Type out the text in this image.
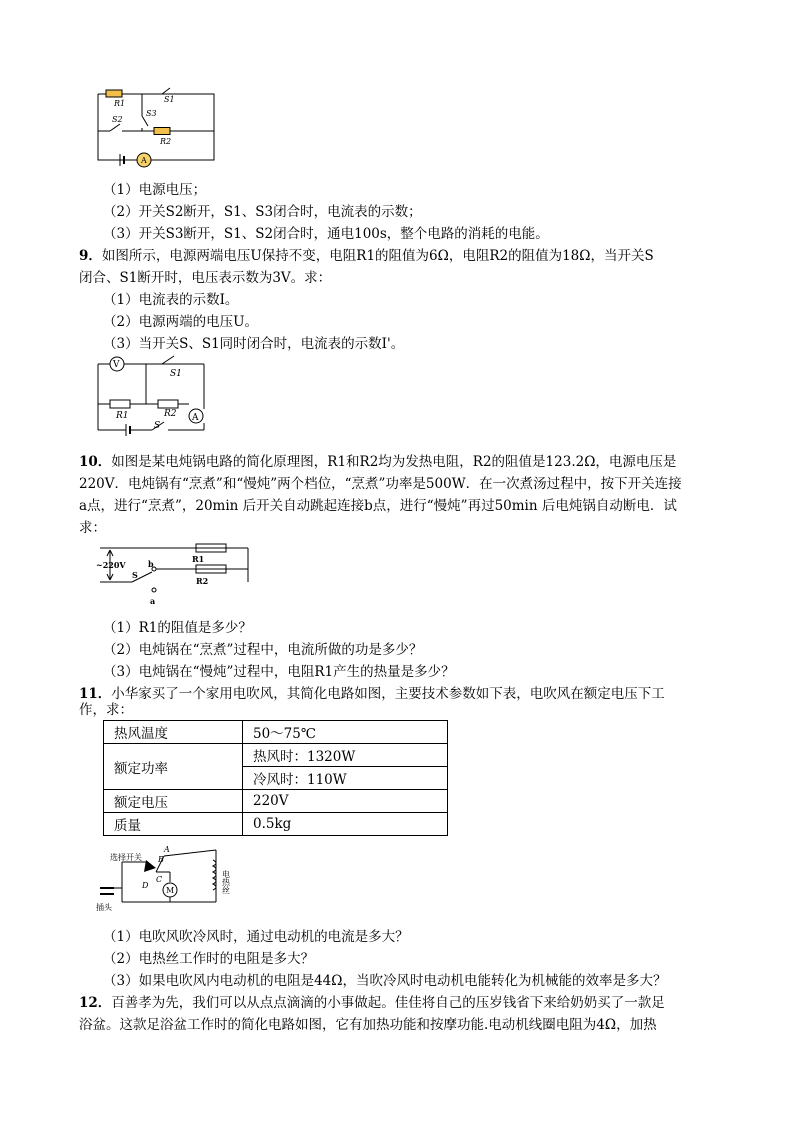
R1	S1
S3
S2
R2
A
（1）电源电压；
（2）开关S2断开，S1、S3闭合时，电流表的示数；
（3）开关S3断开，S1、S2闭合时，通电100s，整个电路的消耗的电能。
9．如图所示，电源两端电压U保持不变，电阻R1的阻值为6Ω，电阻R2的阻值为18Ω，当开关S
闭合、S1断开时，电压表示数为3V。求：
（1）电流表的示数I。
（2）电源两端的电压U。
（3）当开关S、S1同时闭合时，电流表的示数I'。
V
S1
R1	R2 A
S
10．如图是某电炖锅电路的简化原理图，R1和R2均为发热电阻，R2的阻值是123.2Ω，电源电压是
220V．电炖锅有“烹煮”和“慢炖”两个档位，“烹煮”功率是500W．在一次煮汤过程中，按下开关连接
a点，进行“烹煮”，20min 后开关自动跳起连接b点，进行“慢炖”再过50min 后电炖锅自动断电．试
求：
~220V
S
b
a
R1
R2
（1）R1的阻值是多少？
（2）电炖锅在“烹煮”过程中，电流所做的功是多少？
（3）电炖锅在“慢炖”过程中，电阻R1产生的热量是多少？
11．小华家买了一个家用电吹风，其简化电路如图，主要技术参数如下表，电吹风在额定电压下工
作，求：
热风温度	50～75℃
额定功率	热风时：1320W
	冷风时：110W
额定电压	220V
质量	0.5kg
选择开关
A
B
C
D
M
插头
电热丝
（1）电吹风吹冷风时，通过电动机的电流是多大？
（2）电热丝工作时的电阻是多大？
（3）如果电吹风内电动机的电阻是44Ω，当吹冷风时电动机电能转化为机械能的效率是多大？
12．百善孝为先，我们可以从点点滴滴的小事做起。佳佳将自己的压岁钱省下来给奶奶买了一款足
浴盆。这款足浴盆工作时的简化电路如图，它有加热功能和按摩功能.电动机线圈电阻为4Ω，加热
